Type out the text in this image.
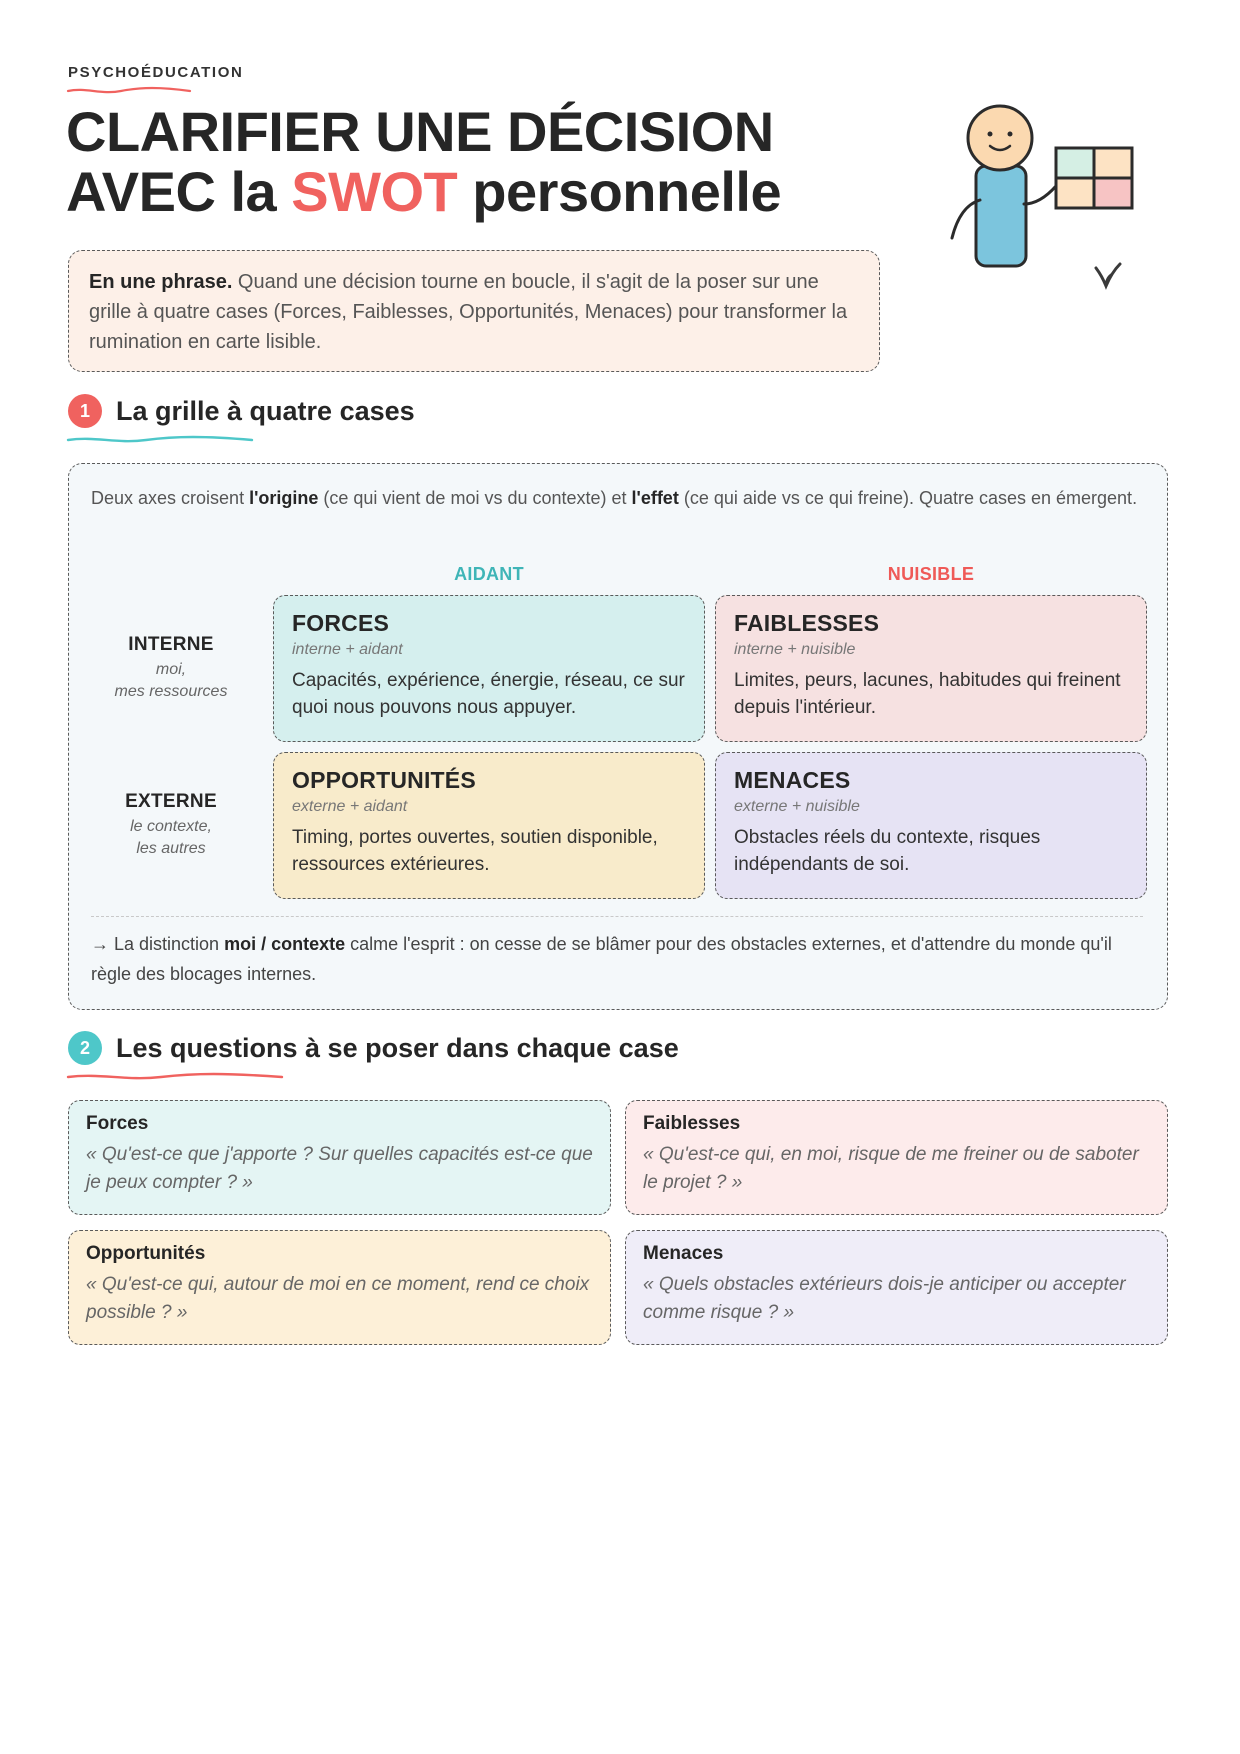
PSYCHOÉDUCATION
CLARIFIER UNE DÉCISION
AVEC la SWOT personnelle
En une phrase. Quand une décision tourne en boucle, il s'agit de la poser sur une grille à quatre cases (Forces, Faiblesses, Opportunités, Menaces) pour transformer la rumination en carte lisible.
1 La grille à quatre cases

Deux axes croisent l'origine (ce qui vient de moi vs du contexte) et l'effet (ce qui aide vs ce qui freine). Quatre cases en émergent.

AIDANT	NUISIBLE
INTERNE
moi,
mes ressources
EXTERNE
le contexte,
les autres
FORCES
interne + aidant
Capacités, expérience, énergie, réseau, ce sur quoi nous pouvons nous appuyer.
FAIBLESSES
interne + nuisible
Limites, peurs, lacunes, habitudes qui freinent depuis l'intérieur.
OPPORTUNITÉS
externe + aidant
Timing, portes ouvertes, soutien disponible, ressources extérieures.
MENACES
externe + nuisible
Obstacles réels du contexte, risques indépendants de soi.

→ La distinction moi / contexte calme l'esprit : on cesse de se blâmer pour des obstacles externes, et d'attendre du monde qu'il règle des blocages internes.

2 Les questions à se poser dans chaque case
Forces
« Qu'est-ce que j'apporte ? Sur quelles capacités est-ce que je peux compter ? »
Faiblesses
« Qu'est-ce qui, en moi, risque de me freiner ou de saboter le projet ? »
Opportunités
« Qu'est-ce qui, autour de moi en ce moment, rend ce choix possible ? »
Menaces
« Quels obstacles extérieurs dois-je anticiper ou accepter comme risque ? »
